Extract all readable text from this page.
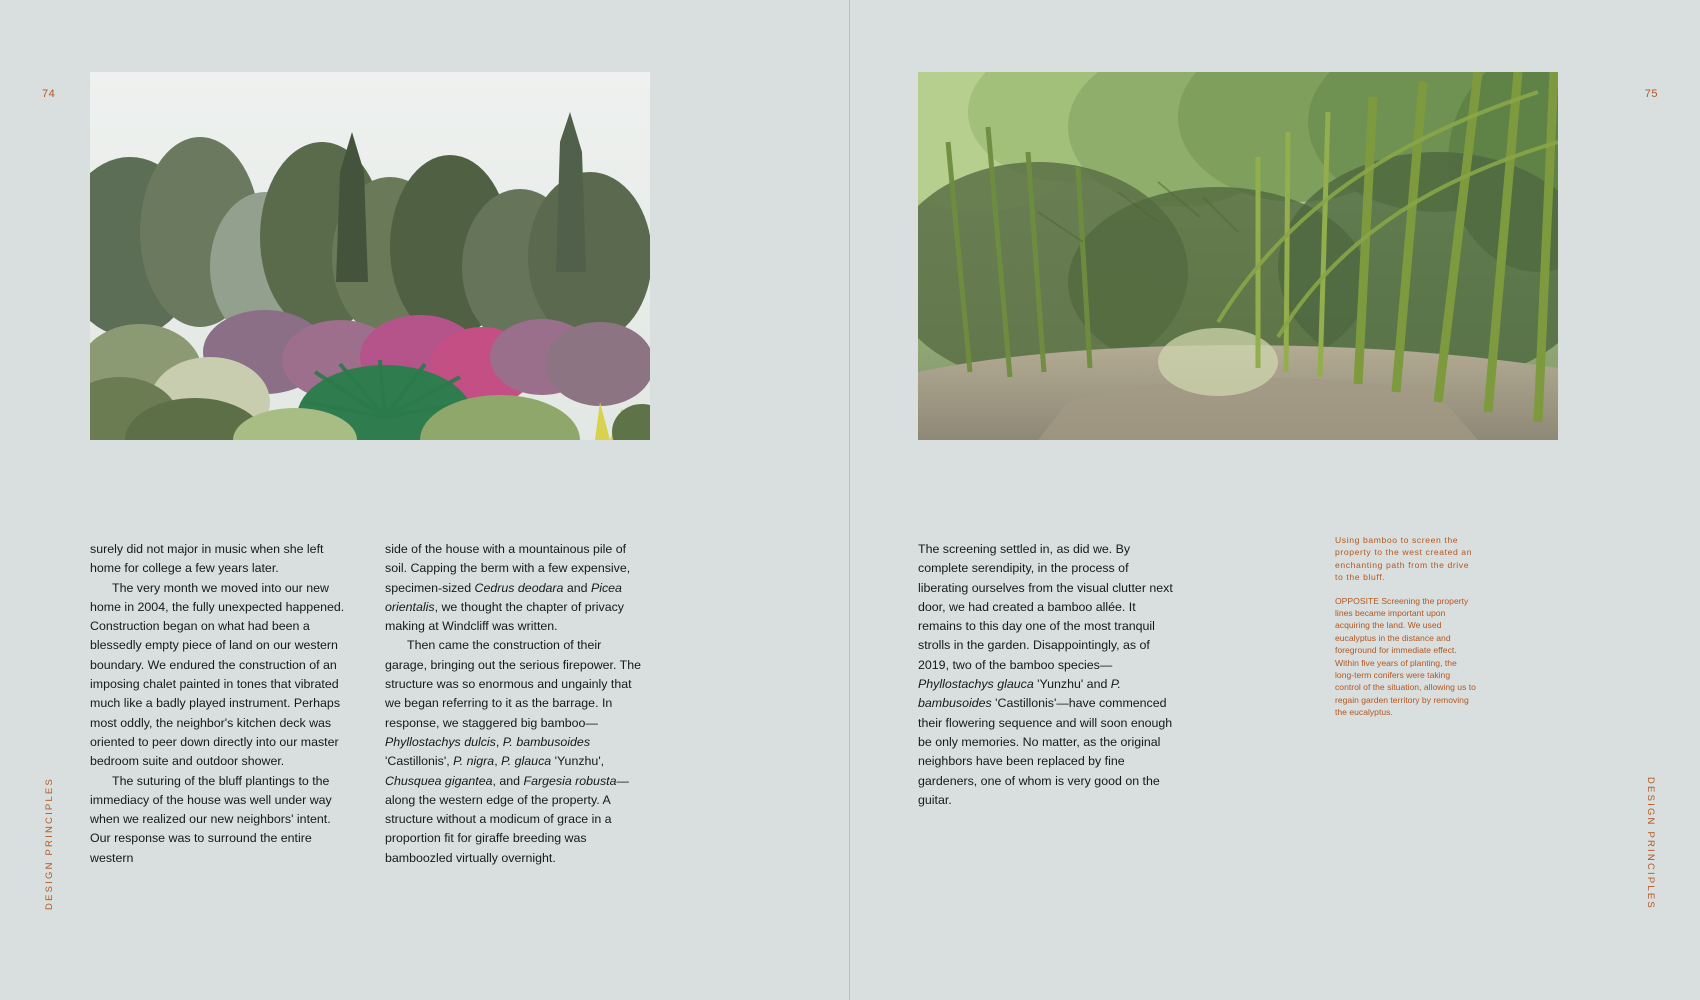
74
DESIGN PRINCIPLES

surely did not major in music when she left home for college a few years later.

The very month we moved into our new home in 2004, the fully unexpected happened. Construction began on what had been a blessedly empty piece of land on our western boundary. We endured the construction of an imposing chalet painted in tones that vibrated much like a badly played instrument. Perhaps most oddly, the neighbor's kitchen deck was oriented to peer down directly into our master bedroom suite and outdoor shower.

The suturing of the bluff plantings to the immediacy of the house was well under way when we realized our new neighbors' intent. Our response was to surround the entire western

side of the house with a mountainous pile of soil. Capping the berm with a few expensive, specimen-sized Cedrus deodara and Picea orientalis, we thought the chapter of privacy making at Windcliff was written.

Then came the construction of their garage, bringing out the serious firepower. The structure was so enormous and ungainly that we began referring to it as the barrage. In response, we staggered big bamboo—Phyllostachys dulcis, P. bambusoides 'Castillonis', P. nigra, P. glauca 'Yunzhu', Chusquea gigantea, and Fargesia robusta—along the western edge of the property. A structure without a modicum of grace in a proportion fit for giraffe breeding was bamboozled virtually overnight.

75
DESIGN PRINCIPLES

The screening settled in, as did we. By complete serendipity, in the process of liberating ourselves from the visual clutter next door, we had created a bamboo allée. It remains to this day one of the most tranquil strolls in the garden. Disappointingly, as of 2019, two of the bamboo species—Phyllostachys glauca 'Yunzhu' and P. bambusoides 'Castillonis'—have commenced their flowering sequence and will soon enough be only memories. No matter, as the original neighbors have been replaced by fine gardeners, one of whom is very good on the guitar.

Using bamboo to screen the property to the west created an enchanting path from the drive to the bluff.

OPPOSITE Screening the property lines became important upon acquiring the land. We used eucalyptus in the distance and foreground for immediate effect. Within five years of planting, the long-term conifers were taking control of the situation, allowing us to regain garden territory by removing the eucalyptus.
